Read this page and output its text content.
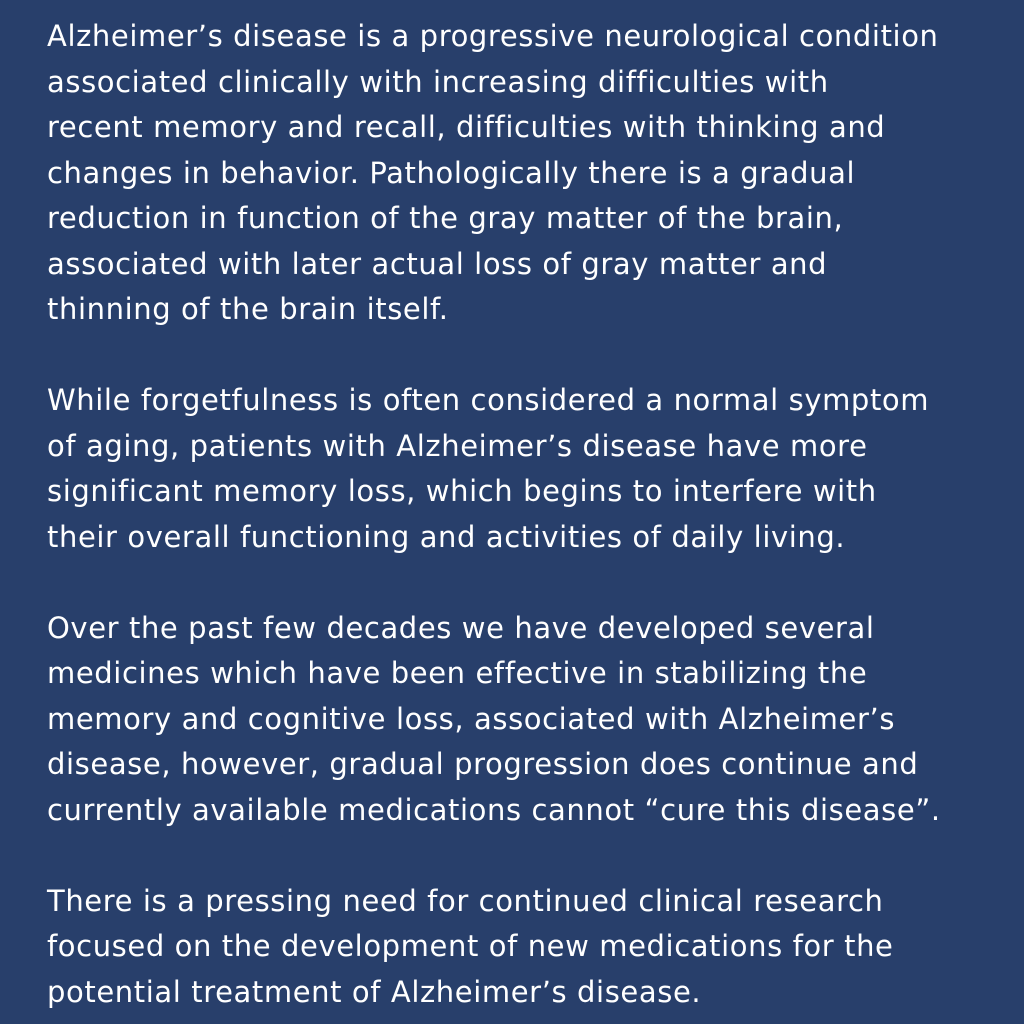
Alzheimer’s disease is a progressive neurological condition
associated clinically with increasing difficulties with
recent memory and recall, difficulties with thinking and
changes in behavior. Pathologically there is a gradual
reduction in function of the gray matter of the brain,
associated with later actual loss of gray matter and
thinning of the brain itself.

While forgetfulness is often considered a normal symptom
of aging, patients with Alzheimer’s disease have more
significant memory loss, which begins to interfere with
their overall functioning and activities of daily living.

Over the past few decades we have developed several
medicines which have been effective in stabilizing the
memory and cognitive loss, associated with Alzheimer’s
disease, however, gradual progression does continue and
currently available medications cannot “cure this disease”.

There is a pressing need for continued clinical research
focused on the development of new medications for the
potential treatment of Alzheimer’s disease.
